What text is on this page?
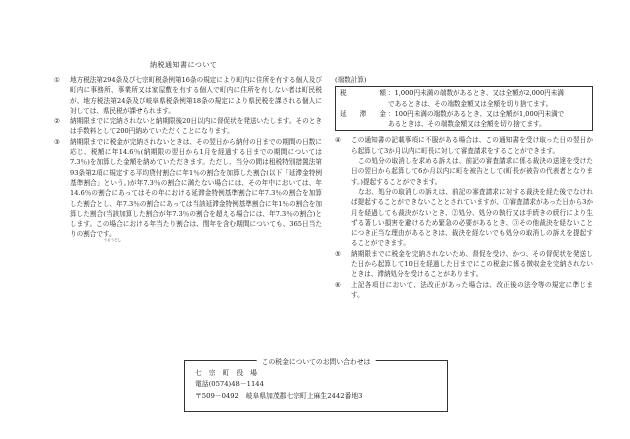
納税通知書について

① 地方税法第294条及び七宗町税条例第16条の規定により町内に住所を有する個人及び町内に事務所、事業所又は家屋敷を有する個人で町内に住所を有しない者は町民税が、地方税法第24条及び岐阜県税条例第18条の規定により県民税を課される個人に対しては、県民税が課せられます。

② 納期限までに完納されないと納期限後20日以内に督促状を発送いたします。そのときは手数料として200円納めていただくことになります。

③ 納期限までに税金が完納されないときは、その翌日から納付の日までの期間の日数に応じ、税額に年14.6％(納期限の翌日から1月を経過する日までの期間については7.3％)を加算した金額を納めていただきます。ただし、当分の間は租税特別措置法第93条第2項に規定する平均貸付割合に年1％の割合を加算した割合(以下「延滞金特例基準割合」という。)が年7.3％の割合に満たない場合には、その年中においては、年14.6％の割合にあってはその年における延滞金特例基準割合に年7.3％の割合を加算した割合とし、年7.3％の割合にあっては当該延滞金特例基準割合に年1％の割合を加算した割合(当該加算した割合が年7.3％の割合を超える場合には、年7.3％の割合)とします。この場合における年当たり割合は、閏年を含む期間についても、365日当たりの割合です。$_{うるうどし}$

(端数計算)

税　額 ：1,000円未満の端数があるとき、又は全額が2,000円未満
であるときは、その端数金額又は全額を切り捨てます。
延滞金 ：100円未満の端数があるとき、又は全額が1,000円未満で
あるときは、その端数金額又は全額を切り捨てます。

④ この通知書の記載事項に不服がある場合は、この通知書を受け取った日の翌日から起算して3か月以内に町長に対して審査請求をすることができます。

この処分の取消しを求める訴えは、前記の審査請求に係る裁決の送達を受けた日の翌日から起算して6か月以内に町を被告として(町長が被告の代表者となります。)提起することができます。

なお、処分の取消しの訴えは、前記の審査請求に対する裁決を経た後でなければ提起することができないこととされていますが、①審査請求があった日から3か月を経過しても裁決がないとき、②処分、処分の執行又は手続きの続行により生ずる著しい損害を避けるため緊急の必要があるとき、③その他裁決を経ないことにつき正当な理由があるときは、裁決を経ないでも処分の取消しの訴えを提起することができます。

⑤ 納期限までに税金を完納されないため、督促を受け、かつ、その督促状を発送した日から起算して10日を経過した日までにこの税金に係る徴収金を完納されないときは、滞納処分を受けることがあります。

⑥ 上記各項目において、法改正があった場合は、改正後の法令等の規定に準じます。

この税金についてのお問い合わせは
七宗町役場
電話(0574)48－1144
〒509－0492　岐阜県加茂郡七宗町上麻生2442番地3
